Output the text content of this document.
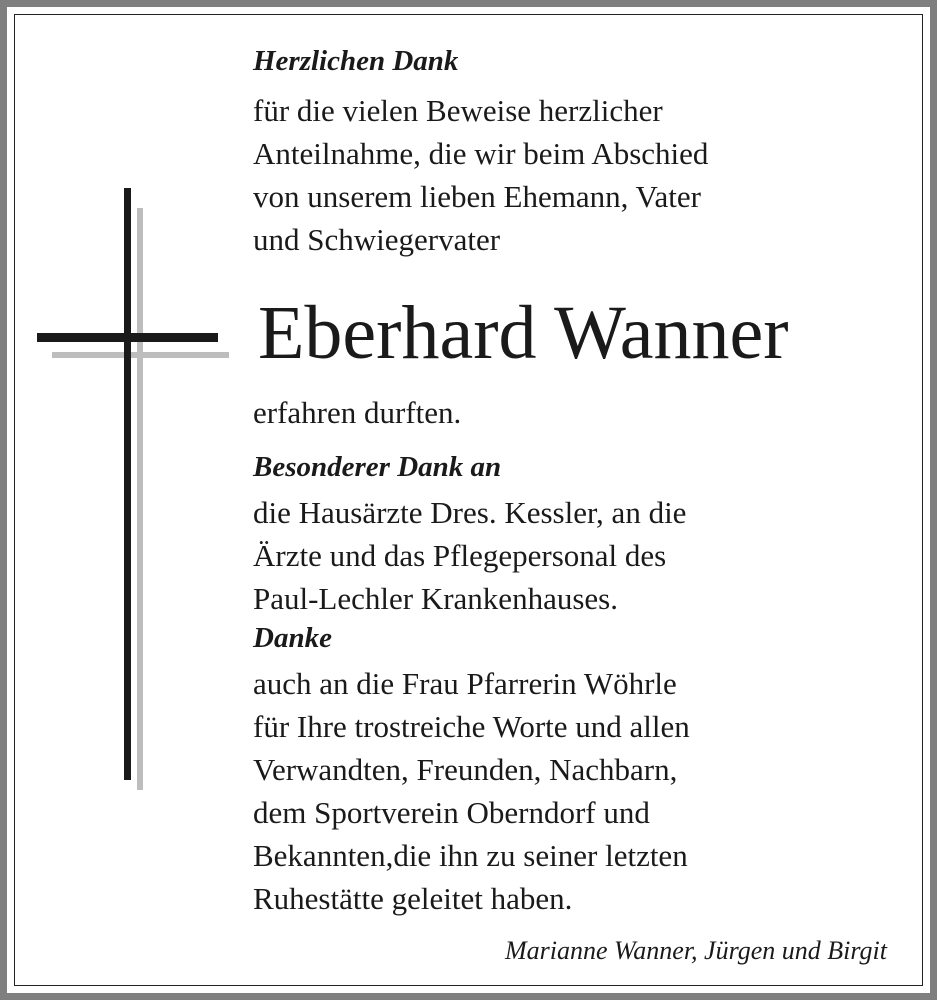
Herzlichen Dank
für die vielen Beweise herzlicher
Anteilnahme, die wir beim Abschied
von unserem lieben Ehemann, Vater
und Schwiegervater
Eberhard Wanner
erfahren durften.
Besonderer Dank an
die Hausärzte Dres. Kessler, an die
Ärzte und das Pflegepersonal des
Paul-Lechler Krankenhauses.
Danke
auch an die Frau Pfarrerin Wöhrle
für Ihre trostreiche Worte und allen
Verwandten, Freunden, Nachbarn,
dem Sportverein Oberndorf und
Bekannten,die ihn zu seiner letzten
Ruhestätte geleitet haben.
Marianne Wanner, Jürgen und Birgit
